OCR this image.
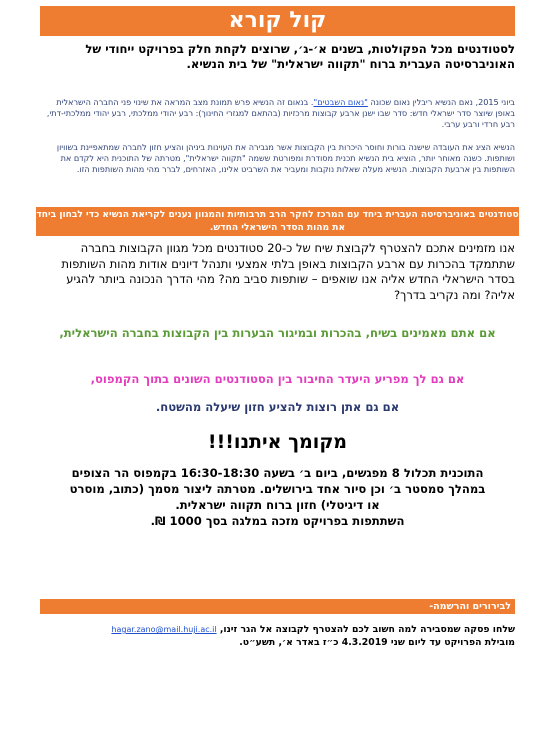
קול קורא
לסטודנטים מכל הפקולטות, בשנים א׳-ג׳, שרוצים לקחת חלק בפרויקט ייחודי של האוניברסיטה העברית ברוח "תקווה ישראלית" של בית הנשיא.
ביוני 2015, נאם הנשיא ריבלין נאום שכונה "נאום השבטים". בנאום זה הנשיא פרש תמונת מצב המראה את שינוי פני החברה הישראלית באופן שיוצר סדר ישראלי חדש: סדר שבו ישנן ארבע קבוצות מרכזיות (בהתאם למגזרי החינוך): רבע יהודי ממלכתי, רבע יהודי ממלכתי-דתי, רבע חרדי ורבע ערבי.
הנשיא הציג את העובדה שישנה בורות וחוסר היכרות בין הקבוצות אשר מגבירה את העוינות ביניהן והציע חזון לחברה שמתאפיינת בשוויון ושותפות. כשנה מאוחר יותר, הוציא בית הנשיא תכנית מסודרת ומפורטת ששמה "תקווה ישראלית", מטרתה של התוכנית היא לקדם את השותפות בין ארבעת הקבוצות. הנשיא מעלה שאלות נוקבות ומעביר את השרביט אלינו, האזרחים, לברר מהי מהות השותפות הזו.
סטודנטים באוניברסיטה העברית ביחד עם המרכז לחקר הרב תרבותיות והמגוון נענים לקריאת הנשיא כדי לבחון ביחד את מהות הסדר הישראלי החדש.
אנו מזמינים אתכם להצטרף לקבוצת שיח של כ-20 סטודנטים מכל מגוון הקבוצות בחברה שתתמקד בהכרות עם ארבע הקבוצות באופן בלתי אמצעי ותנהל דיונים אודות מהות השותפות בסדר הישראלי החדש אליה אנו שואפים – שותפות סביב מה? מהי הדרך הנכונה ביותר להגיע אליה? ומה נקריב בדרך?
אם אתם מאמינים בשיח, בהכרות ובמיגור הבערות בין הקבוצות בחברה הישראלית,
אם גם לך מפריע היעדר החיבור בין הסטודנטים השונים בתוך הקמפוס,
אם גם אתן רוצות להציע חזון שיעלה מהשטח.
מקומך איתנו!!!
התוכנית תכלול 8 מפגשים, ביום ב׳ בשעה 16:30-18:30 בקמפוס הר הצופים
במהלך סמסטר ב׳ וכן סיור אחד בירושלים. מטרתה ליצור מסמך (כתוב, מוסרט
או דיגיטלי) חזון ברוח תקווה ישראלית.
השתתפות בפרויקט מזכה במלגה בסך 1000 ₪.
לבירורים והרשמה-
שלחו פסקה שמסבירה למה חשוב לכם להצטרף לקבוצה אל הגר זינו, hagar.zano@mail.huji.ac.il
מובילת הפרויקט עד ליום שני 4.3.2019 כ״ז באדר א׳, תשע״ט.
